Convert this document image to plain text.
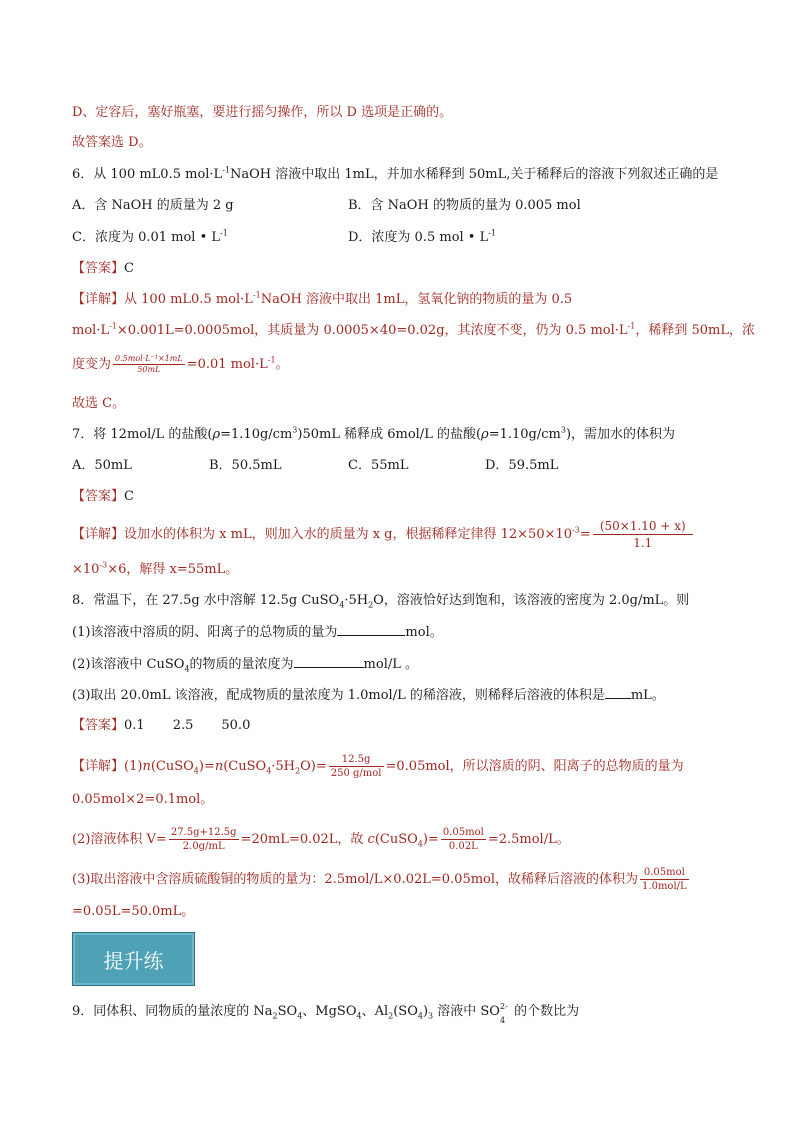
D、定容后，塞好瓶塞，要进行摇匀操作，所以 D 选项是正确的。
故答案选 D。
6．从 100 mL0.5 $mol\cdot L^{-1}NaOH$ 溶液中取出 1mL，并加水稀释到 50mL,关于稀释后的溶液下列叙述正确的是
A．含 NaOH 的质量为 2 g	B．含 NaOH 的物质的量为 0.005 mol
C．浓度为 0.01 mol • $L^{-1}$	D．浓度为 0.5 mol • $L^{-1}$
【答案】C
【详解】从 100 mL0.5 $mol\cdot L^{-1}NaOH$ 溶液中取出 1mL，氢氧化钠的物质的量为 0.5
$mol\cdot L^{-1}\times 0.001L=0.0005mol$，其质量为 0.0005×40=0.02g，其浓度不变，仍为 0.5 $mol\cdot L^{-1}$，稀释到 50mL，浓
度变为 $\frac{\text{0.5mol·L⁻¹×1mL}}{50mL} =0.01$ $mol\cdot L^{-1}$。
故选 C。
7．将 12mol/L 的盐酸$(\rho=1.10g/cm^3)50mL$ 稀释成 6mol/L 的盐酸$(\rho=1.10g/cm^3)$，需加水的体积为
A．50mL	B．50.5mL	C．55mL	D．59.5mL
【答案】C
【详解】设加水的体积为 x mL，则加入水的质量为 x g，根据稀释定律得 $12\times 50\times 10^{-3}= \frac{(50\times 1.10 + x)}{1.1}$
$\times 10^{-3}\times 6$，解得 x=55mL。
8．常温下，在 27.5g 水中溶解 12.5g $CuSO_4\cdot 5H_2O$，溶液恰好达到饱和，该溶液的密度为 2.0g/mL。则
(1)该溶液中溶质的阴、阳离子的总物质的量为	mol。
(2)该溶液中 CuSO$_4$的物质的量浓度为	mol/L 。
(3)取出 20.0mL 该溶液，配成物质的量浓度为 1.0mol/L 的稀溶液，则稀释后溶液的体积是 mL。
【答案】0.1 2.5 50.0
【详解】$(1)n(CuSO_4)=n(CuSO_4\cdot 5H_2O)= \frac{12.5g}{\text{250 g/mol}} =0.05mol$，所以溶质的阴、阳离子的总物质的量为
0.05mol×2=0.1mol。
(2)溶液体积 $V= \frac{27.5g+12.5g}{2.0g/mL} =20mL=0.02L$，故 c(CuSO$_4$)= $\frac{\text{0.05mol}}{0.02L} =2.5mol/L$。
(3)取出溶液中含溶质硫酸铜的物质的量为：2.5mol/L×0.02L=0.05mol，故稀释后溶液的体积为 $\frac{\text{0.05mol}}{\text{1.0mol/L}}$
=0.05L=50.0mL。
提升练
9．同体积、同物质的量浓度的 $Na_2SO_4$、MgSO$_4$、$Al_2(SO_4)_3$ 溶液中 SO 2-
4
的个数比为
